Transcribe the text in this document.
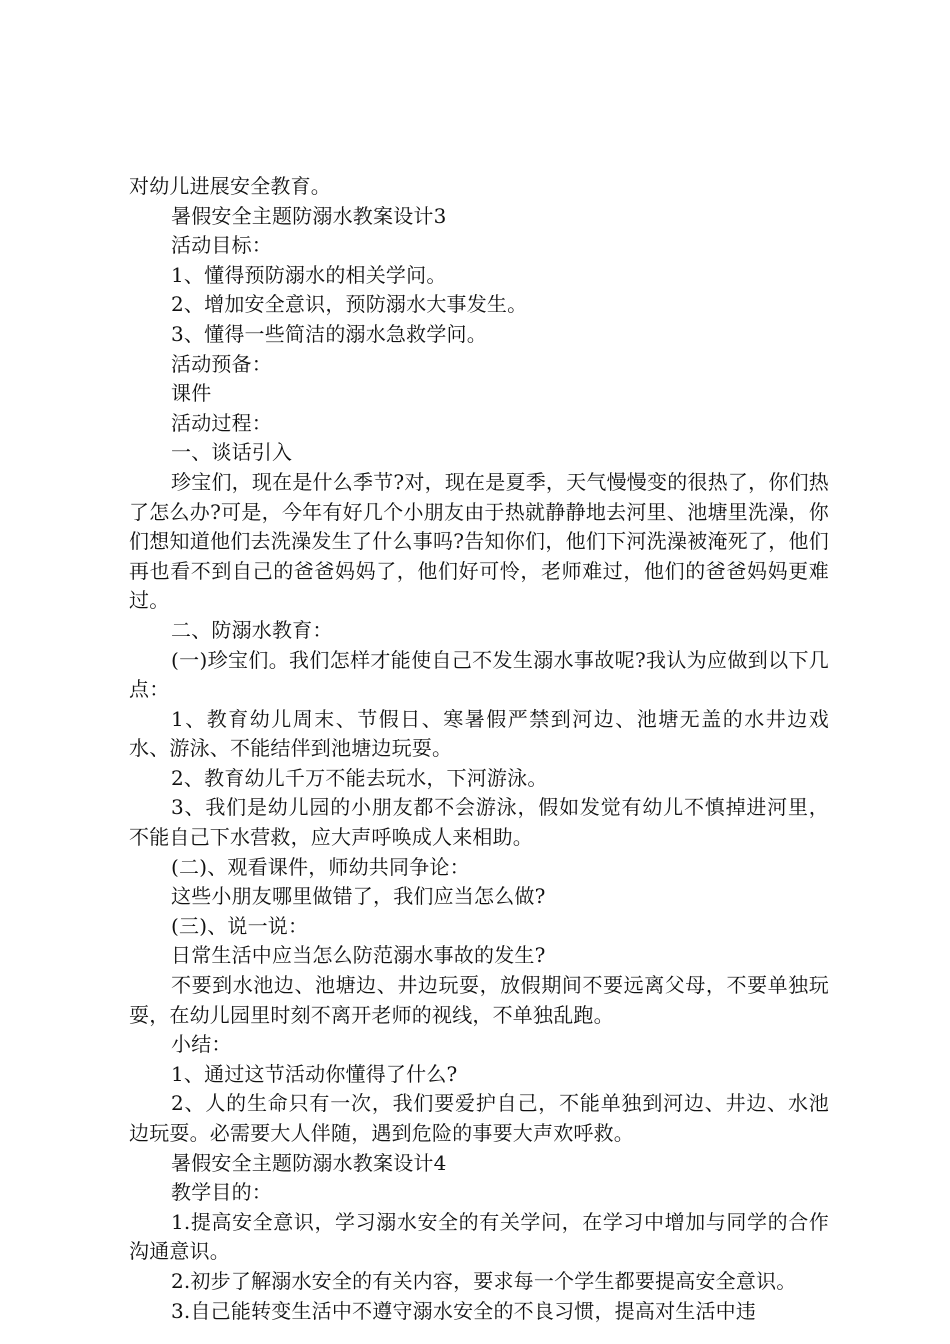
对幼儿进展安全教育。

暑假安全主题防溺水教案设计3

活动目标：

1、懂得预防溺水的相关学问。

2、增加安全意识，预防溺水大事发生。

3、懂得一些简洁的溺水急救学问。

活动预备：

课件

活动过程：

一、谈话引入

珍宝们，现在是什么季节?对，现在是夏季，天气慢慢变的很热了，你们热了怎么办?可是，今年有好几个小朋友由于热就静静地去河里、池塘里洗澡，你们想知道他们去洗澡发生了什么事吗?告知你们，他们下河洗澡被淹死了，他们再也看不到自己的爸爸妈妈了，他们好可怜，老师难过，他们的爸爸妈妈更难过。

二、防溺水教育：

(一)珍宝们。我们怎样才能使自己不发生溺水事故呢?我认为应做到以下几点：

1、教育幼儿周末、节假日、寒暑假严禁到河边、池塘无盖的水井边戏水、游泳、不能结伴到池塘边玩耍。

2、教育幼儿千万不能去玩水，下河游泳。

3、我们是幼儿园的小朋友都不会游泳，假如发觉有幼儿不慎掉进河里，不能自己下水营救，应大声呼唤成人来相助。

(二)、观看课件，师幼共同争论：

这些小朋友哪里做错了，我们应当怎么做?

(三)、说一说：

日常生活中应当怎么防范溺水事故的发生?

不要到水池边、池塘边、井边玩耍，放假期间不要远离父母，不要单独玩耍，在幼儿园里时刻不离开老师的视线，不单独乱跑。

小结：

1、通过这节活动你懂得了什么?

2、人的生命只有一次，我们要爱护自己，不能单独到河边、井边、水池边玩耍。必需要大人伴随，遇到危险的事要大声欢呼救。

暑假安全主题防溺水教案设计4

教学目的：

1.提高安全意识，学习溺水安全的有关学问，在学习中增加与同学的合作沟通意识。

2.初步了解溺水安全的有关内容，要求每一个学生都要提高安全意识。

3.自己能转变生活中不遵守溺水安全的不良习惯，提高对生活中违
